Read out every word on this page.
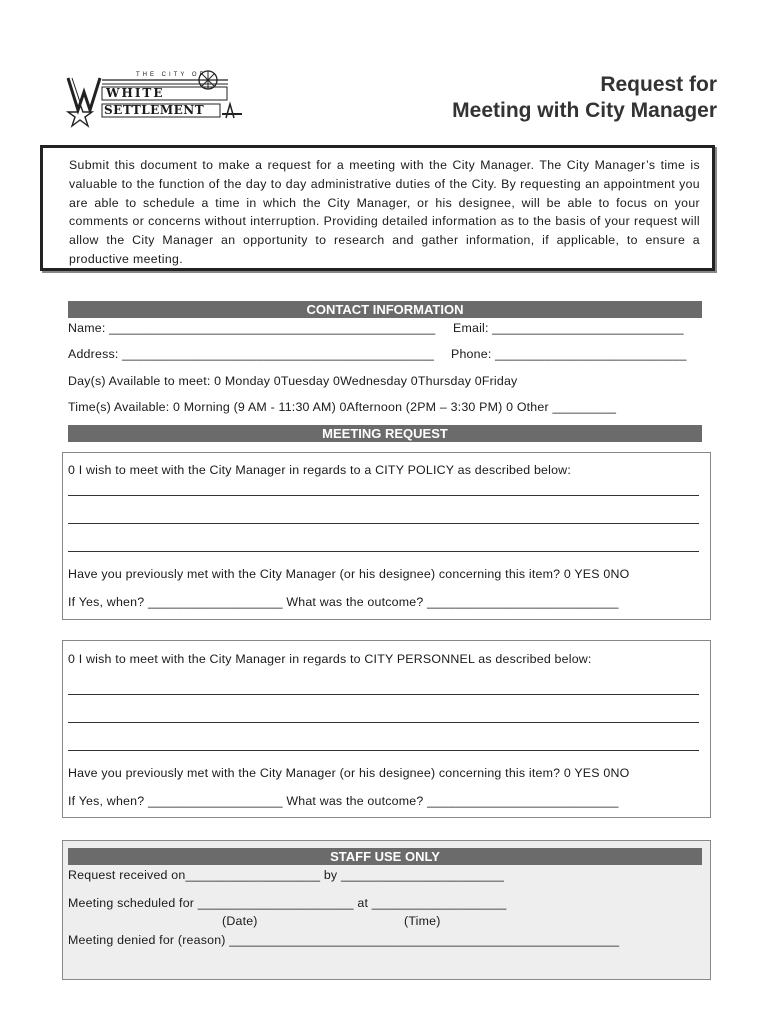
THE CITY OF
WHITE
SETTLEMENT
Request for
Meeting with City Manager

Submit this document to make a request for a meeting with the City Manager. The City Manager’s time is valuable to the function of the day to day administrative duties of the City. By requesting an appointment you are able to schedule a time in which the City Manager, or his designee, will be able to focus on your comments or concerns without interruption. Providing detailed information as to the basis of your request will allow the City Manager an opportunity to research and gather information, if applicable, to ensure a productive meeting.

CONTACT INFORMATION
Name: ______________________________________________ Email: ___________________________
Address: ____________________________________________ Phone: ___________________________
Day(s) Available to meet: 0 Monday 0Tuesday 0Wednesday 0Thursday 0Friday
Time(s) Available: 0 Morning (9 AM - 11:30 AM) 0Afternoon (2PM – 3:30 PM) 0 Other _________
MEETING REQUEST
0 I wish to meet with the City Manager in regards to a CITY POLICY as described below:
Have you previously met with the City Manager (or his designee) concerning this item? 0 YES 0NO
If Yes, when? ___________________ What was the outcome? ___________________________
0 I wish to meet with the City Manager in regards to CITY PERSONNEL as described below:
Have you previously met with the City Manager (or his designee) concerning this item? 0 YES 0NO
If Yes, when? ___________________ What was the outcome? ___________________________
STAFF USE ONLY
Request received on___________________ by _______________________
Meeting scheduled for ______________________ at ___________________
(Date)	(Time)
Meeting denied for (reason) _______________________________________________________
